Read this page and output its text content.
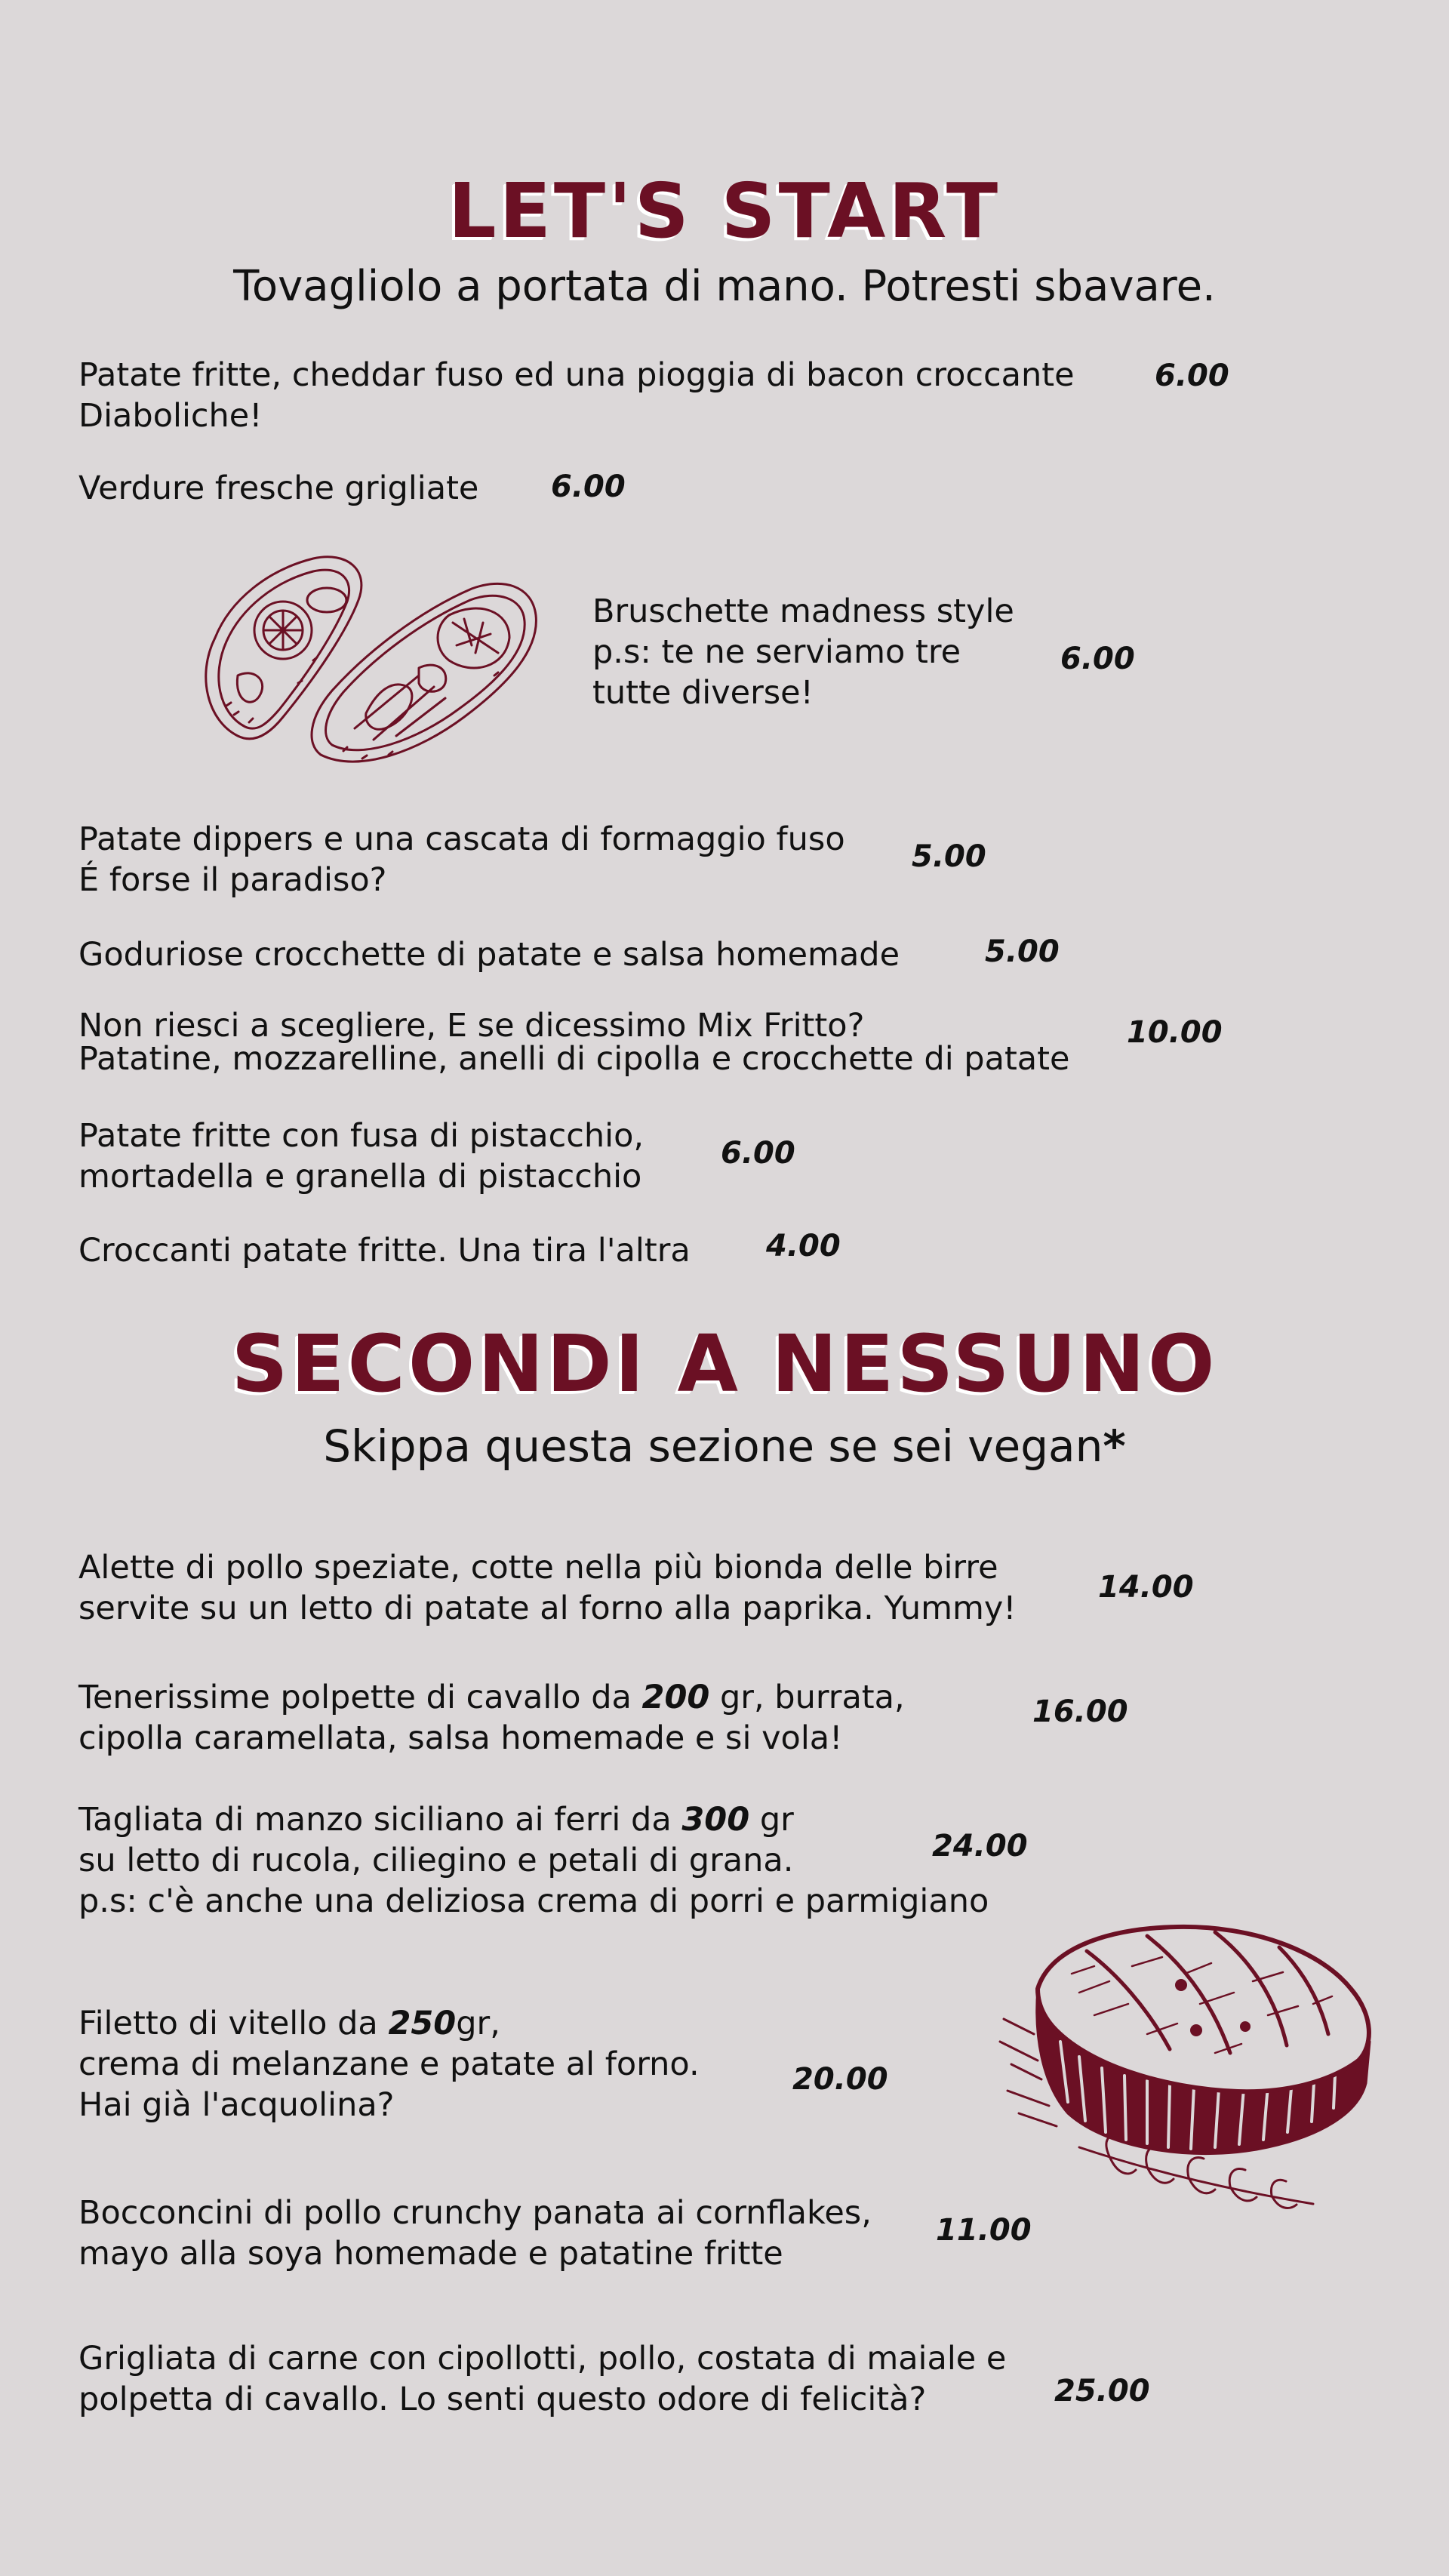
LET'S START
Tovagliolo a portata di mano. Potresti sbavare.
Patate fritte, cheddar fuso ed una pioggia di bacon croccante
Diaboliche!
6.00
Verdure fresche grigliate 6.00
Bruschette madness style
p.s: te ne serviamo tre
tutte diverse!
6.00
Patate dippers e una cascata di formaggio fuso
É forse il paradiso?
5.00
Goduriose crocchette di patate e salsa homemade	5.00
Non riesci a scegliere, E se dicessimo Mix Fritto?
Patatine, mozzarelline, anelli di cipolla e crocchette di patate
10.00
Patate fritte con fusa di pistacchio,
mortadella e granella di pistacchio
6.00
Croccanti patate fritte. Una tira l'altra	4.00
SECONDI A NESSUNO
Skippa questa sezione se sei vegan*
Alette di pollo speziate, cotte nella più bionda delle birre
servite su un letto di patate al forno alla paprika. Yummy!
14.00
Tenerissime polpette di cavallo da 200 gr, burrata,
cipolla caramellata, salsa homemade e si vola!
16.00
Tagliata di manzo siciliano ai ferri da 300 gr
su letto di rucola, ciliegino e petali di grana.
p.s: c'è anche una deliziosa crema di porri e parmigiano
24.00
Filetto di vitello da 250gr,
crema di melanzane e patate al forno.
Hai già l'acquolina?
20.00
Bocconcini di pollo crunchy panata ai cornflakes,
mayo alla soya homemade e patatine fritte
11.00
Grigliata di carne con cipollotti, pollo, costata di maiale e
polpetta di cavallo. Lo senti questo odore di felicità?	25.00
